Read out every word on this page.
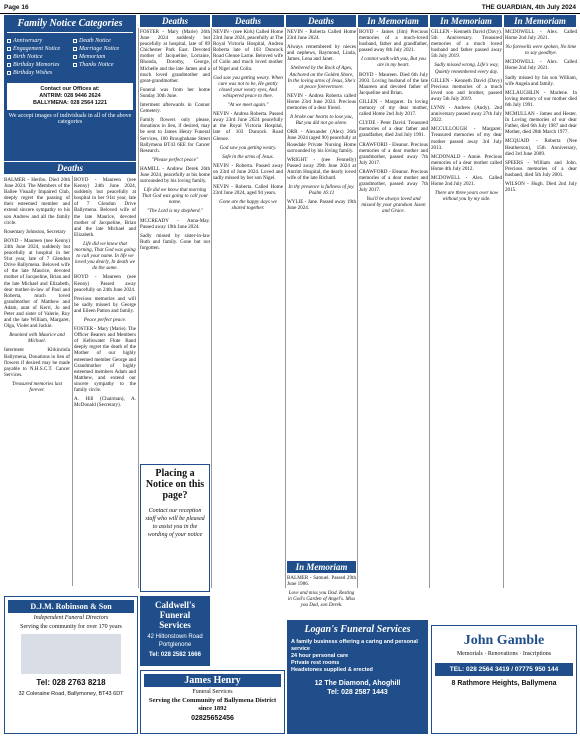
Page 16	THE GUARDIAN, 4th July 2024
Family Notice Categories
Anniversary
Engagement Notice
Birth Notice
Birthday Memories
Birthday Wishes
Death Notice
Marriage Notice
Memoriam
Thanks Notice
Contact our Offices at:
ANTRIM: 028 9446 2624
BALLYMENA: 028 2564 1221
We accept images of individuals in all of the above categories
Deaths
Deaths	Deaths	Deaths	In Memoriam	In Memoriam	In Memoriam

BALMER - Heribo. Died 20th June 2024. The Members of the Ballee Visually Impaired Club, deeply regret the passing of their esteemed member and extend sincere sympathy to his son Andrew and all the family circle.

Rosemary Johnston, Secretary

BOYD - Maureen (nee Kenny) 24th June 2024, suddenly but peacefully at hospital in her 91st year, late of 7 Glendun Drive Ballymena. Beloved wife of the late Maurice, devoted mother of Jacqueline, Brian and the late Michael and Elizabeth, dear mother-in-law of Paul and Roberta, much loved grandmother of Matthew and Adam, aunt of Kerri, Jo and Peter and sister of Valerie, Roy and the late William, Margaret, Olga, Violet and Jackie.

Reunited with Maurice and Michael.

Interment Kirkinriola Ballymena, Donations in lieu of flowers if desired may be made payable to N.H.S.C.T. Cancer Services.

Treasured memories last forever.

BOYD - Maureen (nee Kenny) 24th June 2024, suddenly but peacefully at hospital in her 91st year, late of 7 Glendun Drive Ballymena. Beloved wife of the late Maurice, devoted mother of Jacqueline, Brian and the late Michael and Elizabeth.

Life did we know that morning, That God was going to call your name. In life we loved you dearly, In death we do the same.

BOYD - Maureen (nee Kenny) Passed away peacefully on 24th June 2024.

Precious memories and will be sadly missed by George and Eileen Patton and family.

Peace perfect peace.

FOSTER - Mary (Marie). The Officer Bearers and Members of Kellswater Flute Band deeply regret the death of the Mother of our highly esteemed member George and Grandmother of highly esteemed members Adam and Matthew, and extend our sincere sympathy to the family circle.

A. Hill (Chairman), A. McDonald (Secretary).

FOSTER - Mary (Marie) 26th June 2024 suddenly but peacefully at hospital, late of 89 Chichester Park East. Devoted mother of Jacqueline, Lorraine, Rhonda, Dorothy, George, Michelle and the late James and a much loved grandmother and great-grandmother.

Funeral was from her home Sunday 30th June.

Interment afterwards in Connor Cemetery.

Family flowers only please, donations in lieu, if desired, may be sent to James Henry Funeral Services, 100 Broughshane Street Ballymena BT43 6EE for Cancer Research.

"Please perfect peace"

HAMILL - Andrew Derek 26th June 2024, peacefully at his home surrounded by his loving family.

Life did we know that morning That God was going to call your name.

"The Lord is my shepherd."

MCCREADY - Anna-May. Passed away 19th June 2024.

Sadly missed by sister-in-law Ruth and family. Gone but not forgotten.

Placing a Notice on this page?
Contact our reception staff who will be pleased to assist you in the wording of your notice

NEVIN - (nee Kirk) Called Home 23rd June 2024, peacefully at The Royal Victoria Hospital, Andrea Roberta late of 103 Dunrock Road Glenoe Larne. Beloved wife of Colin and much loved mother of Nigel and Colin.

God saw you getting weary. When cure was not to be, He gently closed your weary eyes, And whispered peace to thee.

"At we meet again."

NEVIN - Andrea Roberta. Passed away 23rd June 2024 peacefully at the Royal Victoria Hospital, late of 103 Dunrock Road Glenoe.

God saw you getting weary.

Safe in the arms of Jesus.

NEVIN - Roberta. Passed away on 23rd of June 2024. Loved and sadly missed by her son Nigel.

NEVIN - Roberta. Called Home 23rd June 2024, aged 94 years.

Gone are the happy days we shared together.

NEVIN - Roberta Called Home 23rd June 2024.

Always remembered by nieces and nephews, Raymond, Linda, James, Lena and Janet.

Sheltered by the Rock of Ages, Anchored on the Golden Shore, In the loving arms of Jesus, She's at peace forevermore.

NEVIN - Andrea Roberta called Home 23rd June 2024. Precious memories of a dear friend.

It broke our hearts to lose you, But you did not go alone.

ORR - Alexander (Alex) 26th June 2024 (aged 90) peacefully at Rosedale Private Nursing Home surrounded by his loving family.

WRIGHT - (nee Fennelly) Passed away 29th June 2024 at Antrim Hospital, the dearly loved wife of the late Richard.

In thy presence is fullness of joy. Psalm 16:11

WYLIE - Jane. Passed away 19th June 2024.

In Memoriam

BALMER - Samuel. Passed 29th June 1986.

Love and miss you Dad. Resting in God's Garden of Angel's. Miss you Dad, son Derek.

BOYD - James (Jim) Precious memories of a much-loved husband, father and grandfather, passed away 6th July 2021.

I cannot walk with you, But you are in my heart.

BOYD - Maureen. Died 6th July 2003. Loving husband of the late Maureen and devoted father of Jacqueline and Brian.

GILLEN - Margaret. In loving memory of my dear mother, called Home 2nd July 2017.

CLYDE - Peter David. Treasured memories of a dear father and grandfather, died 2nd July 1991.

CRAWFORD - Eleanor. Precious memories of a dear mother and grandmother, passed away 7th July 2017.

CRAWFORD - Eleanor. Precious memories of a dear mother and grandmother, passed away 7th July 2017.

You'll be always loved and missed by your grandson Jason and Grace.

GILLEN - Kenneth David (Davy). 5th Anniversary. Treasured memories of a much loved husband and father passed away 5th July 2019.

Sadly missed wrong. Life's way, Quietly remembered every day.

GILLEN - Kenneth David (Davy) Precious memories of a much loved son and brother, passed away 5th July 2019.

LYNN - Andrew (Andy). 2nd anniversary passed away 27th July 2022.

MCCULLOUGH - Margaret. Treasured memories of my dear mother passed away 3rd July 2013.

MCDONALD - Annie. Precious memories of a dear mother called Home 4th July 2012.

MCDOWELL - Alex. Called Home 2nd July 2021.

There are three years over now without you by my side.

MCDOWELL - Alex. Called Home 2nd July 2021.

No farewells were spoken, No time to say goodbye.

MCDOWELL - Alex. Called Home 2nd July 2021.

Sadly missed by his son William, wife Angela and family.

MCLAUGHLIN - Marlene. In loving memory of our mother died 6th July 1991.

MCMULLAN - James and Hester. In Loving memories of our dear Father, died 6th July 1987 and dear Mother, died 28th March 1977.

MCQUAID - Roberta (Nee Heatherson), 15th Anniversary, died 3rd June 2009.

SPEERS - William and John. Precious memories of a dear husband, died 5th July 2001.

WILSON - Hugh. Died 2nd July 2015.

Caldwell's Funeral Services
42 Hiltonstown Road Portglenone
Tel: 028 2582 1666
D.J.M. Robinson & Son
Independent Funeral Directors
Serving the community for over 170 years
Tel: 028 2763 8218
32 Coleraine Road, Ballymoney, BT43 6DT
James Henry
Funeral Services
Serving the Community of Ballymena District since 1892
02825652456
Logan's Funeral Services
A family business offering a caring and personal service
24 hour personal care
Private rest rooms
Headstones supplied & erected
12 The Diamond, Ahoghill
Tel: 028 2587 1443
John Gamble
Memorials · Renovations · Inscriptions
TEL: 028 2564 3419 / 07775 950 144
8 Rathmore Heights, Ballymena
